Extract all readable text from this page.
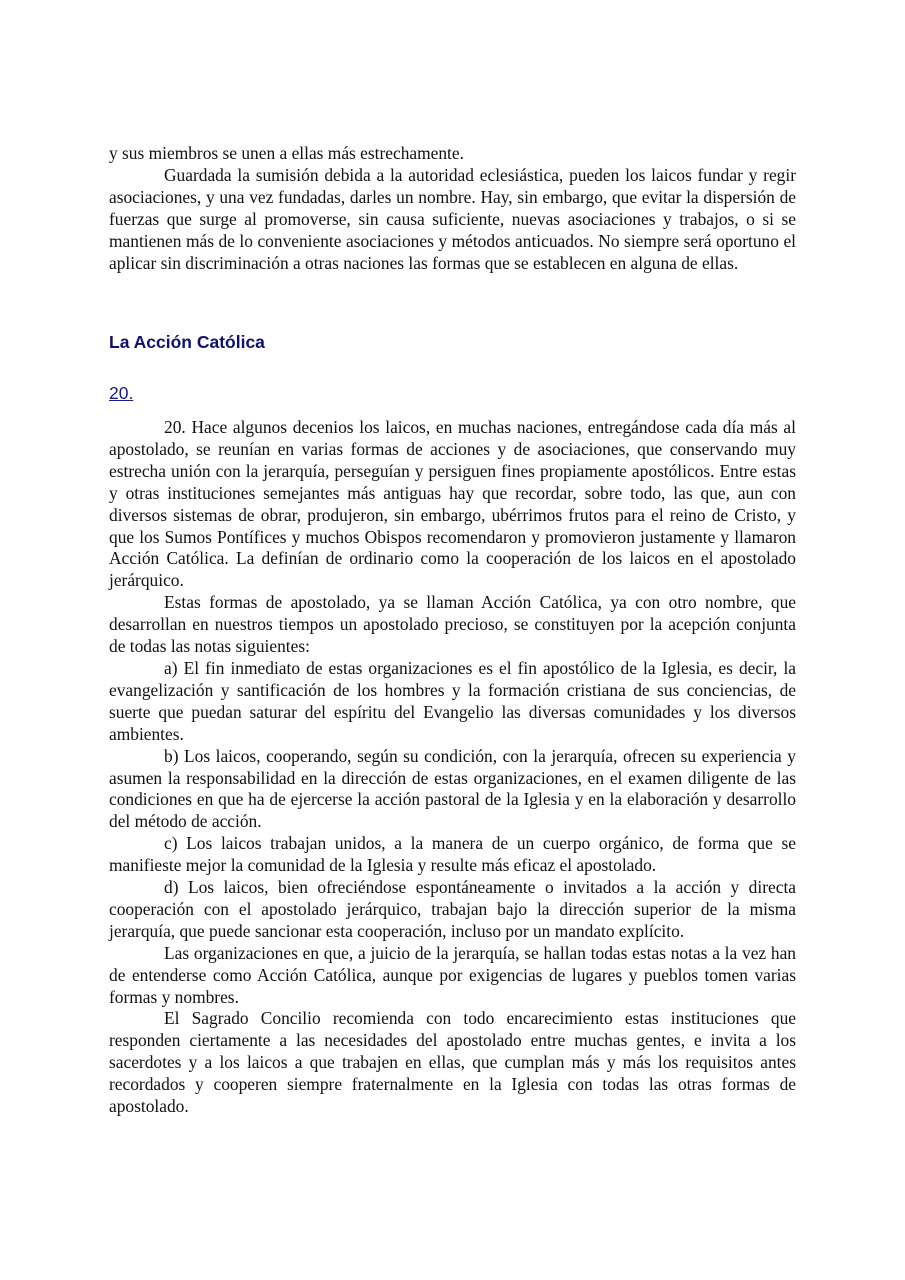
y sus miembros se unen a ellas más estrechamente.

Guardada la sumisión debida a la autoridad eclesiástica, pueden los laicos fundar y regir asociaciones, y una vez fundadas, darles un nombre. Hay, sin embargo, que evitar la dispersión de fuerzas que surge al promoverse, sin causa suficiente, nuevas asociaciones y trabajos, o si se mantienen más de lo conveniente asociaciones y métodos anticuados. No siempre será oportuno el aplicar sin discriminación a otras naciones las formas que se establecen en alguna de ellas.

La Acción Católica
20.

20. Hace algunos decenios los laicos, en muchas naciones, entregándose cada día más al apostolado, se reunían en varias formas de acciones y de asociaciones, que conservando muy estrecha unión con la jerarquía, perseguían y persiguen fines propiamente apostólicos. Entre estas y otras instituciones semejantes más antiguas hay que recordar, sobre todo, las que, aun con diversos sistemas de obrar, produjeron, sin embargo, ubérrimos frutos para el reino de Cristo, y que los Sumos Pontífices y muchos Obispos recomendaron y promovieron justamente y llamaron Acción Católica. La definían de ordinario como la cooperación de los laicos en el apostolado jerárquico.

Estas formas de apostolado, ya se llaman Acción Católica, ya con otro nombre, que desarrollan en nuestros tiempos un apostolado precioso, se constituyen por la acepción conjunta de todas las notas siguientes:

a) El fin inmediato de estas organizaciones es el fin apostólico de la Iglesia, es decir, la evangelización y santificación de los hombres y la formación cristiana de sus conciencias, de suerte que puedan saturar del espíritu del Evangelio las diversas comunidades y los diversos ambientes.

b) Los laicos, cooperando, según su condición, con la jerarquía, ofrecen su experiencia y asumen la responsabilidad en la dirección de estas organizaciones, en el examen diligente de las condiciones en que ha de ejercerse la acción pastoral de la Iglesia y en la elaboración y desarrollo del método de acción.

c) Los laicos trabajan unidos, a la manera de un cuerpo orgánico, de forma que se manifieste mejor la comunidad de la Iglesia y resulte más eficaz el apostolado.

d) Los laicos, bien ofreciéndose espontáneamente o invitados a la acción y directa cooperación con el apostolado jerárquico, trabajan bajo la dirección superior de la misma jerarquía, que puede sancionar esta cooperación, incluso por un mandato explícito.

Las organizaciones en que, a juicio de la jerarquía, se hallan todas estas notas a la vez han de entenderse como Acción Católica, aunque por exigencias de lugares y pueblos tomen varias formas y nombres.

El Sagrado Concilio recomienda con todo encarecimiento estas instituciones que responden ciertamente a las necesidades del apostolado entre muchas gentes, e invita a los sacerdotes y a los laicos a que trabajen en ellas, que cumplan más y más los requisitos antes recordados y cooperen siempre fraternalmente en la Iglesia con todas las otras formas de apostolado.
